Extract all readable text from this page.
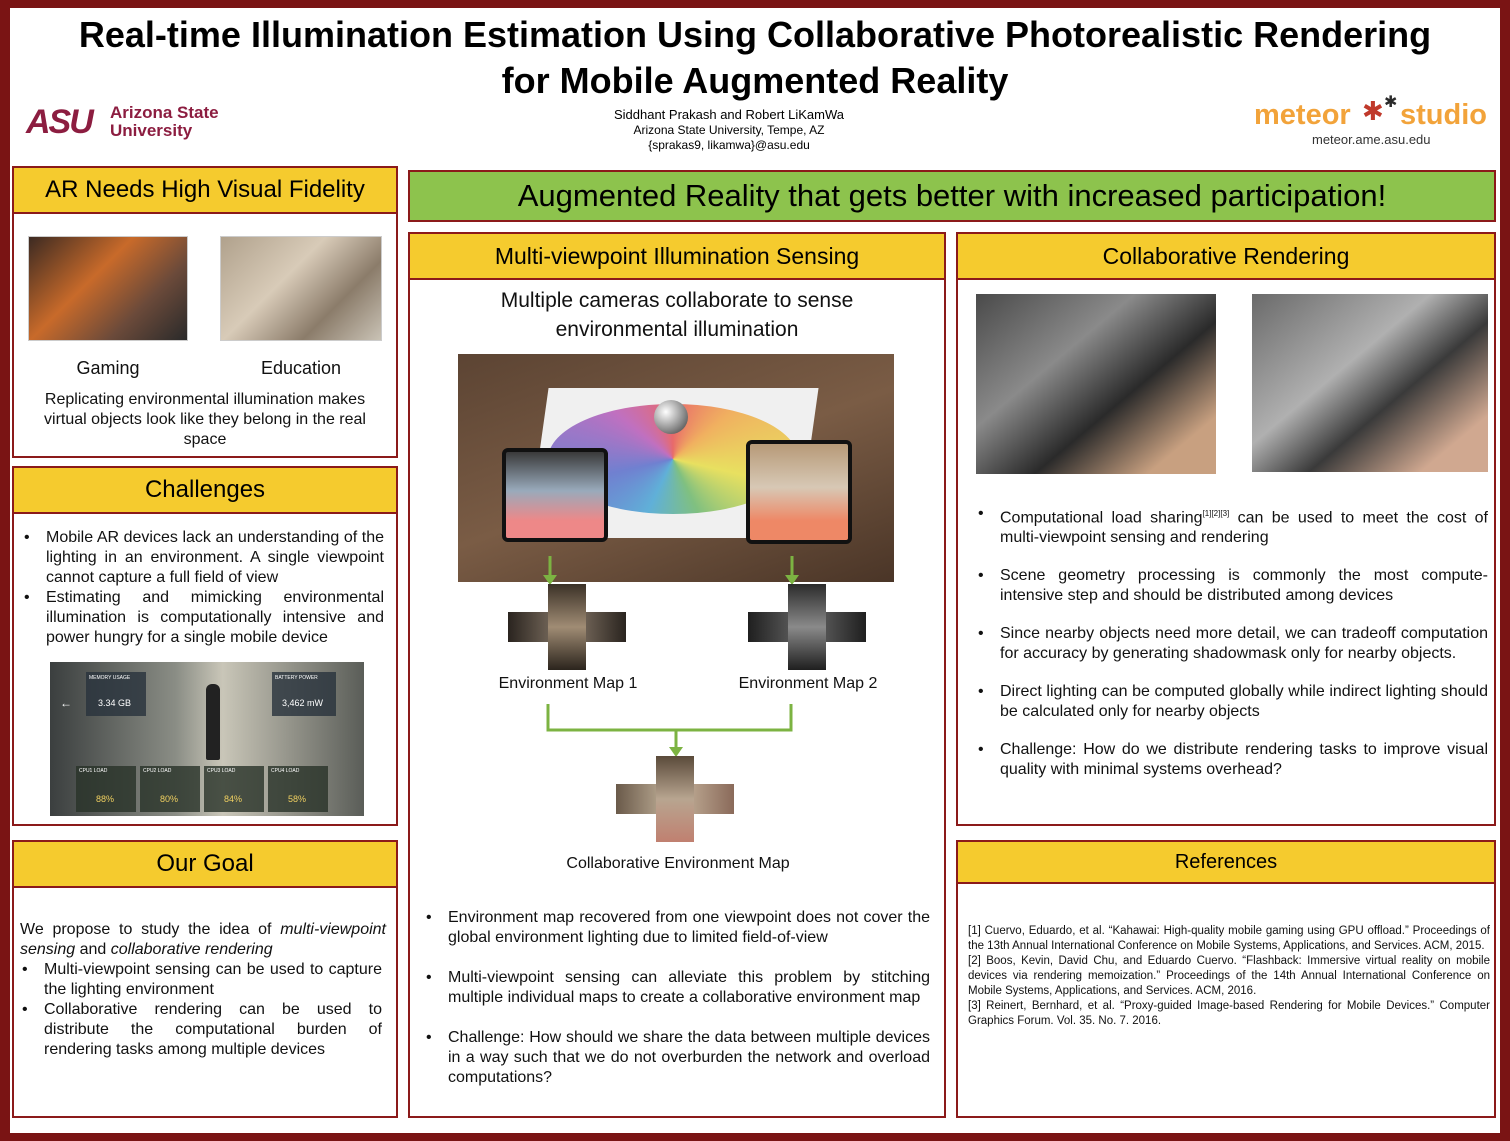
Real-time Illumination Estimation Using Collaborative Photorealistic Rendering
for Mobile Augmented Reality
Siddhant Prakash and Robert LiKamWa
Arizona State University, Tempe, AZ
{sprakas9, likamwa}@asu.edu
ASU Arizona State
University	meteor ✱ ✱ studio
meteor.ame.asu.edu
AR Needs High Visual Fidelity
Gaming	Education
Replicating environmental illumination makes virtual objects look like they belong in the real space
Challenges
• Mobile AR devices lack an understanding of the lighting in an environment. A single viewpoint cannot capture a full field of view
• Estimating and mimicking environmental illumination is computationally intensive and power hungry for a single mobile device
MEMORY USAGE
3.34 GB
BATTERY POWER
3,462 mW
←
CPU1 LOAD
88%
CPU2 LOAD
80%
CPU3 LOAD
84%
CPU4 LOAD
58%
Our Goal
We propose to study the idea of multi-viewpoint sensing and collaborative rendering
• Multi-viewpoint sensing can be used to capture the lighting environment
• Collaborative rendering can be used to distribute the computational burden of rendering tasks among multiple devices
Augmented Reality that gets better with increased participation!
Multi-viewpoint Illumination Sensing
Multiple cameras collaborate to sense environmental illumination
Environment Map 1	Environment Map 2
Collaborative Environment Map
• Environment map recovered from one viewpoint does not cover the global environment lighting due to limited field-of-view
• Multi-viewpoint sensing can alleviate this problem by stitching multiple individual maps to create a collaborative environment map
• Challenge: How should we share the data between multiple devices in a way such that we do not overburden the network and overload computations?
Collaborative Rendering
• Computational load sharing[1][2][3] can be used to meet the cost of multi-viewpoint sensing and rendering
• Scene geometry processing is commonly the most compute-intensive step and should be distributed among devices
• Since nearby objects need more detail, we can tradeoff computation for accuracy by generating shadowmask only for nearby objects.
• Direct lighting can be computed globally while indirect lighting should be calculated only for nearby objects
• Challenge: How do we distribute rendering tasks to improve visual quality with minimal systems overhead?
References
[1] Cuervo, Eduardo, et al. “Kahawai: High-quality mobile gaming using GPU offload.” Proceedings of the 13th Annual International Conference on Mobile Systems, Applications, and Services. ACM, 2015.
[2] Boos, Kevin, David Chu, and Eduardo Cuervo. “Flashback: Immersive virtual reality on mobile devices via rendering memoization.” Proceedings of the 14th Annual International Conference on Mobile Systems, Applications, and Services. ACM, 2016.
[3] Reinert, Bernhard, et al. “Proxy-guided Image-based Rendering for Mobile Devices.” Computer Graphics Forum. Vol. 35. No. 7. 2016.
